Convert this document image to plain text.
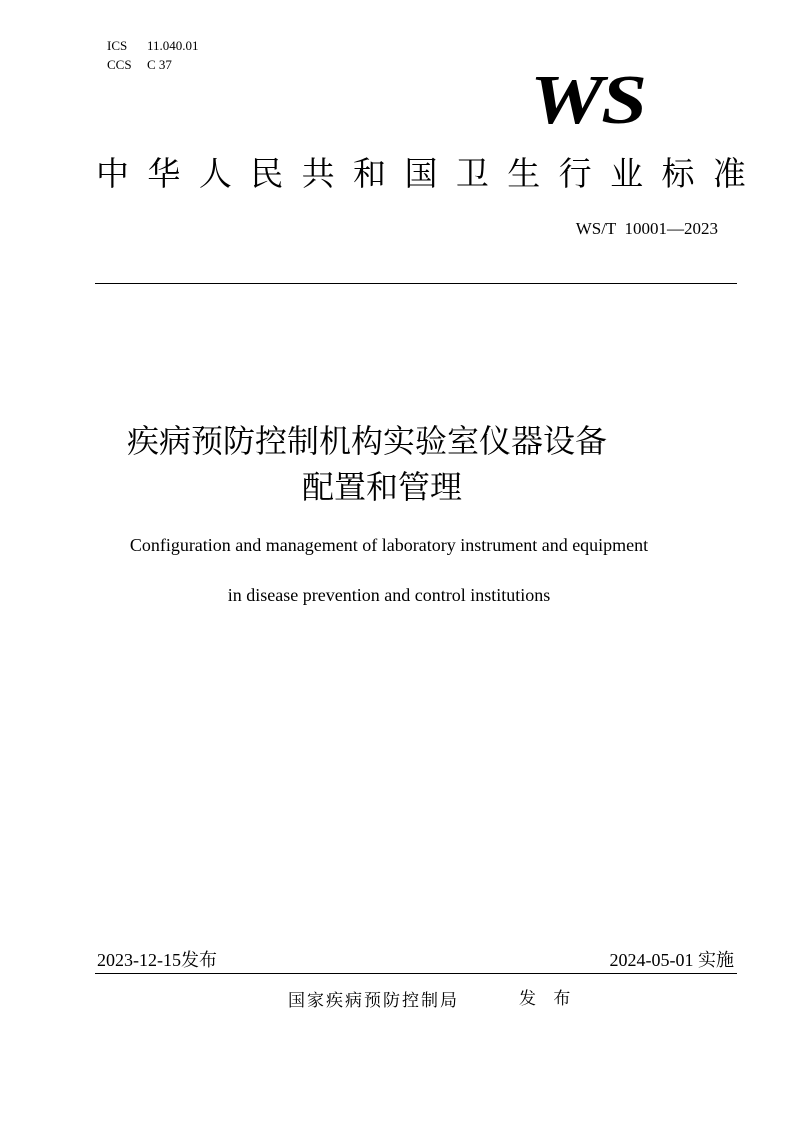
ICS 11.040.01
CCS C 37	WS
中 华 人 民 共 和 国 卫 生 行 业 标 准
WS/T  10001—2023
疾病预防控制机构实验室仪器设备
配置和管理
Configuration and management of laboratory instrument and equipment
in disease prevention and control institutions
2023-12-15发布	2024-05-01 实施
国家疾病预防控制局	发 布
